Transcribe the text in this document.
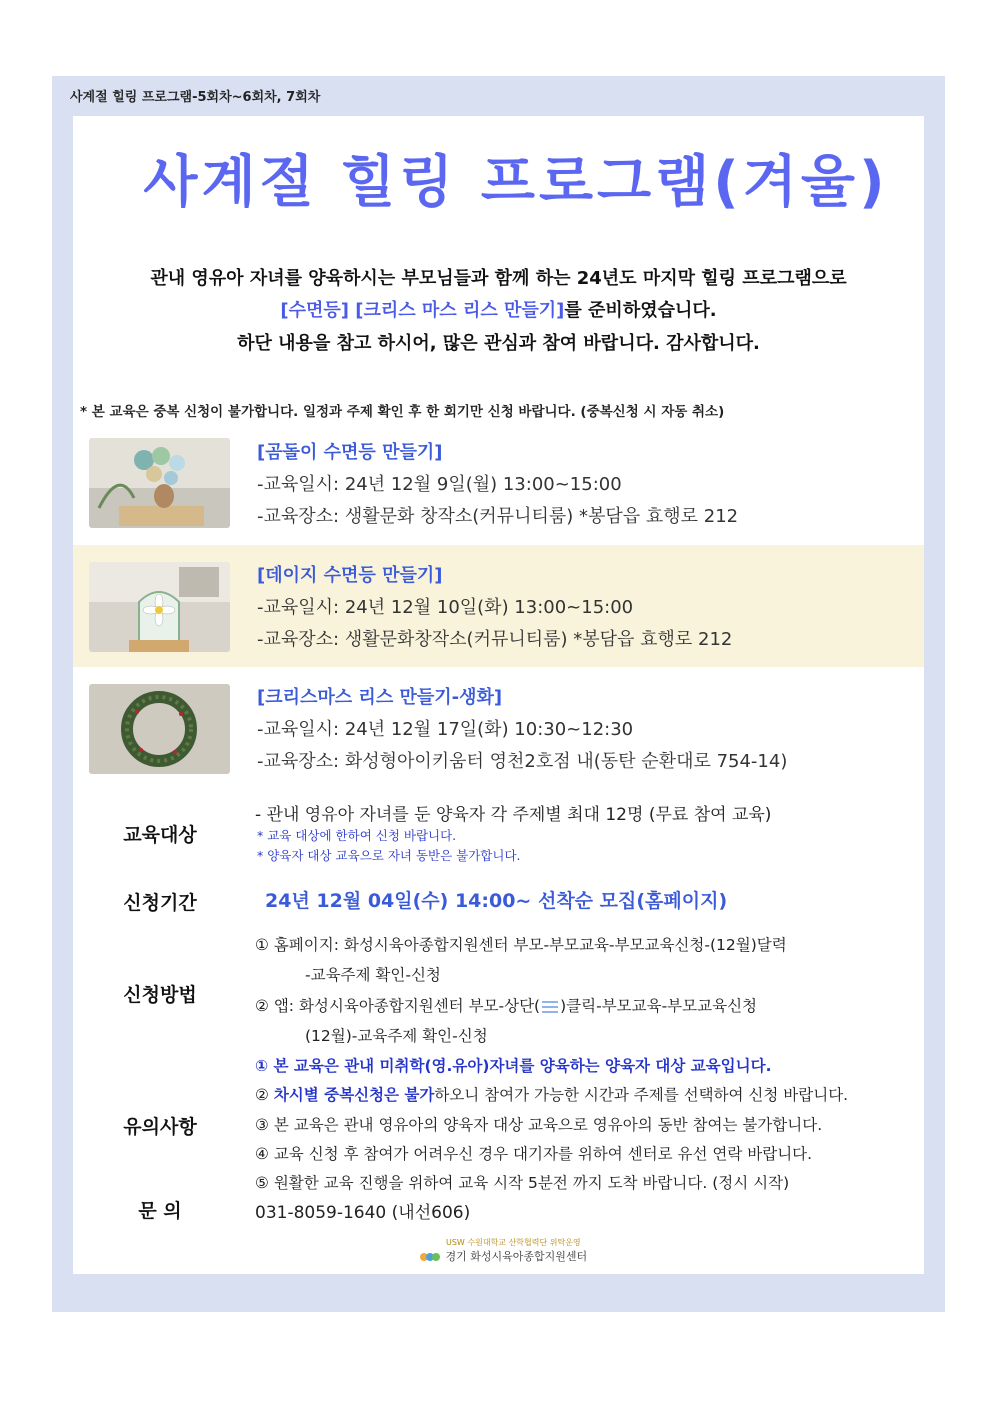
사계절 힐링 프로그램-5회차~6회차, 7회차
사계절 힐링 프로그램(겨울)
관내 영유아 자녀를 양육하시는 부모님들과 함께 하는 24년도 마지막 힐링 프로그램으로
[수면등] [크리스 마스 리스 만들기]를 준비하였습니다.
하단 내용을 참고 하시어, 많은 관심과 참여 바랍니다. 감사합니다.
* 본 교육은 중복 신청이 불가합니다. 일정과 주제 확인 후 한 회기만 신청 바랍니다. (중복신청 시 자동 취소)
[곰돌이 수면등 만들기]
-교육일시: 24년 12월 9일(월) 13:00~15:00
-교육장소: 생활문화 창작소(커뮤니티룸) *봉담읍 효행로 212
[데이지 수면등 만들기]
-교육일시: 24년 12월 10일(화) 13:00~15:00
-교육장소: 생활문화창작소(커뮤니티룸) *봉담읍 효행로 212
[크리스마스 리스 만들기-생화]
-교육일시: 24년 12월 17일(화) 10:30~12:30
-교육장소: 화성형아이키움터 영천2호점 내(동탄 순환대로 754-14)
교육대상
- 관내 영유아 자녀를 둔 양육자 각 주제별 최대 12명 (무료 참여 교육)
* 교육 대상에 한하여 신청 바랍니다.
* 양육자 대상 교육으로 자녀 동반은 불가합니다.
신청기간	24년 12월 04일(수) 14:00~ 선착순 모집(홈페이지)
신청방법
① 홈페이지: 화성시육아종합지원센터 부모-부모교육-부모교육신청-(12월)달력
-교육주제 확인-신청
② 앱: 화성시육아종합지원센터 부모-상단( )클릭-부모교육-부모교육신청
(12월)-교육주제 확인-신청
유의사항
① 본 교육은 관내 미취학(영.유아)자녀를 양육하는 양육자 대상 교육입니다.
② 차시별 중복신청은 불가하오니 참여가 가능한 시간과 주제를 선택하여 신청 바랍니다.
③ 본 교육은 관내 영유아의 양육자 대상 교육으로 영유아의 동반 참여는 불가합니다.
④ 교육 신청 후 참여가 어려우신 경우 대기자를 위하여 센터로 유선 연락 바랍니다.
⑤ 원활한 교육 진행을 위하여 교육 시작 5분전 까지 도착 바랍니다. (정시 시작)
문 의	031-8059-1640 (내선606)
USW 수원대학교 산학협력단 위탁운영
경기 화성시육아종합지원센터
